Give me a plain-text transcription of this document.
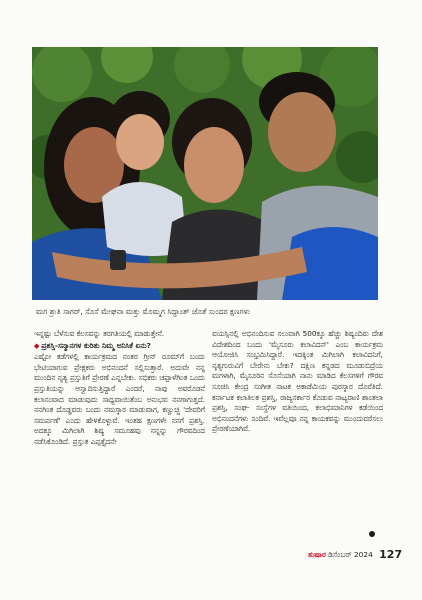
ಮಗ ಶ್ರುತಿ ಸಾಗರ್, ಸೊಸೆ ಮೇಘನಾ ಮತ್ತು ಮೊಮ್ಮಗ ಸಿದ್ಧಾಂತ್ ಜೊತೆ ಸುಂದರ ಕ್ಷಣಗಳು

ಇನ್ನಷ್ಟು ಬೆಳೆಸುವ ಕೆಲಸವನ್ನು ತರಗತಿಯಲ್ಲಿ ಮಾಡುತ್ತೇನೆ.

◆ ಪ್ರಶಸ್ತಿ-ಸನ್ಮಾನಗಳ ಕುರಿತು ನಿಮ್ಮ ಅನಿಸಿಕೆ ಏನು?

ಎಷ್ಟೋ ಕಡೆಗಳಲ್ಲಿ ಕಾರ್ಯಕ್ರಮದ ನಂತರ ಗ್ರೀನ್ ರೂಮ್‌ಗೆ ಬಂದು ಭೇಟಿಯಾಗುವ ಪ್ರೇಕ್ಷಕರು ಅಭಿನಂದನೆ ಸಲ್ಲಿಸುತ್ತಾರೆ. ಅದುವೇ ನನ್ನ ಮುಂದಿನ ನೃತ್ಯ ಪ್ರಸ್ತುತಿಗೆ ಪ್ರೇರಣೆ ಎನ್ನಬೇಕು. ಸಭಿಕರು ಚಪ್ಪಾಳೆಗಿಂತ ಒಂದು ಪ್ರಸ್ತುತಿಯನ್ನು ಆಸ್ವಾದಿಸುತ್ತಿದ್ದಾರೆ ಎಂದರೆ, ನಾವು ಅವರೊಡನೆ ಕಲಾಸಂವಾದ ಮಾಡುವುದು ಸಾಧ್ಯವಾಯಿತೆಂಬ ಅನುಭವ ನನಗಾಗುತ್ತದೆ. ನನಗಿಂತ ದೊಡ್ಡವರು ಬಂದು ನಮಸ್ಕಾರ ಮಾಡುವಾಗ, ಕಣ್ಣುಚ್ಚಿ 'ದೇವರಿಗೆ ಸಮರ್ಪಣೆ' ಎಂದು ಹೇಳಿಕೊಳ್ಳುವೆ. ಇಂತಹ ಕ್ಷಣಗಳೇ ನನಗೆ ಪ್ರಶಸ್ತಿ. ಅದಕ್ಕೂ ಮಿಗಿಲಾಗಿ ಶಿಷ್ಯ ಸಮೂಹವು ನನ್ನನ್ನು ಗೌರವದಿಂದ ನಡೆಸಿಕೊಂಡಿದೆ. ಪ್ರಸ್ತುತ ಎಪ್ಪತ್ತೈದನೇ

ವಯಸ್ಸಿನಲ್ಲಿ ಅಭಿನಂದಿಸುವ ಸಲುವಾಗಿ 500ಕ್ಕೂ ಹೆಚ್ಚು ಶಿಷ್ಯಂದಿರು ದೇಶ ವಿದೇಶದಿಂದ ಬಂದು 'ಮೈಸೂರು ಕಲಾವಿದನ್' ಎಂಬ ಕಾರ್ಯಕ್ರಮ ಆಯೋಜಿಸಿ ಸಂಭ್ರಮಿಸಿದ್ದಾರೆ. ಇದಕ್ಕಿಂತ ಮಿಗಿಲಾಗಿ ಕಲಾವಿದನಿಗೆ, ನೃತ್ಯಗುರುವಿಗೆ ಬೇರೇನು ಬೇಕು? ದಕ್ಷಿಣ ಕನ್ನಡದ ಮೂಡುಬಿದ್ರೆಯ ಮಗಳಾಗಿ, ಮೈಸೂರಿನ ಸೊಸೆಯಾಗಿ ನಾನು ಮಾಡಿದ ಕೆಲಸಗಳಿಗೆ ಗೌರವ ಸೂಚಿಸಿ ಕೇಂದ್ರ ಸಂಗೀತ ನಾಟಕ ಅಕಾಡೆಮಿಯ ಪುರಸ್ಕಾರ ದೊರೆತಿದೆ. ಕರ್ನಾಟಕ ಕಲಾತಿಲಕ ಪ್ರಶಸ್ತಿ, ರಾಜ್ಯಸರ್ಕಾರ ಕೊಡುವ ನಾಟ್ಯರಾಣಿ ಶಾಂತಲಾ ಪ್ರಶಸ್ತಿ, ಸಂಘ- ಸಂಸ್ಥೆಗಳ ವತಿಯಿಂದ, ಕಲಾಭಿಮಾನಿಗಳ ಕಡೆಯಿಂದ ಅಭಿನಂದನೆಗಳು ಸಂದಿವೆ. ಇವೆಲ್ಲವೂ ನನ್ನ ಕಾಯಕವನ್ನು ಮುಂದುವರೆಸಲು ಪ್ರೇರಣೆಯಾಗಿವೆ.

ತುಷಾರ ಡಿಸೆಂಬರ್ 2024 127
